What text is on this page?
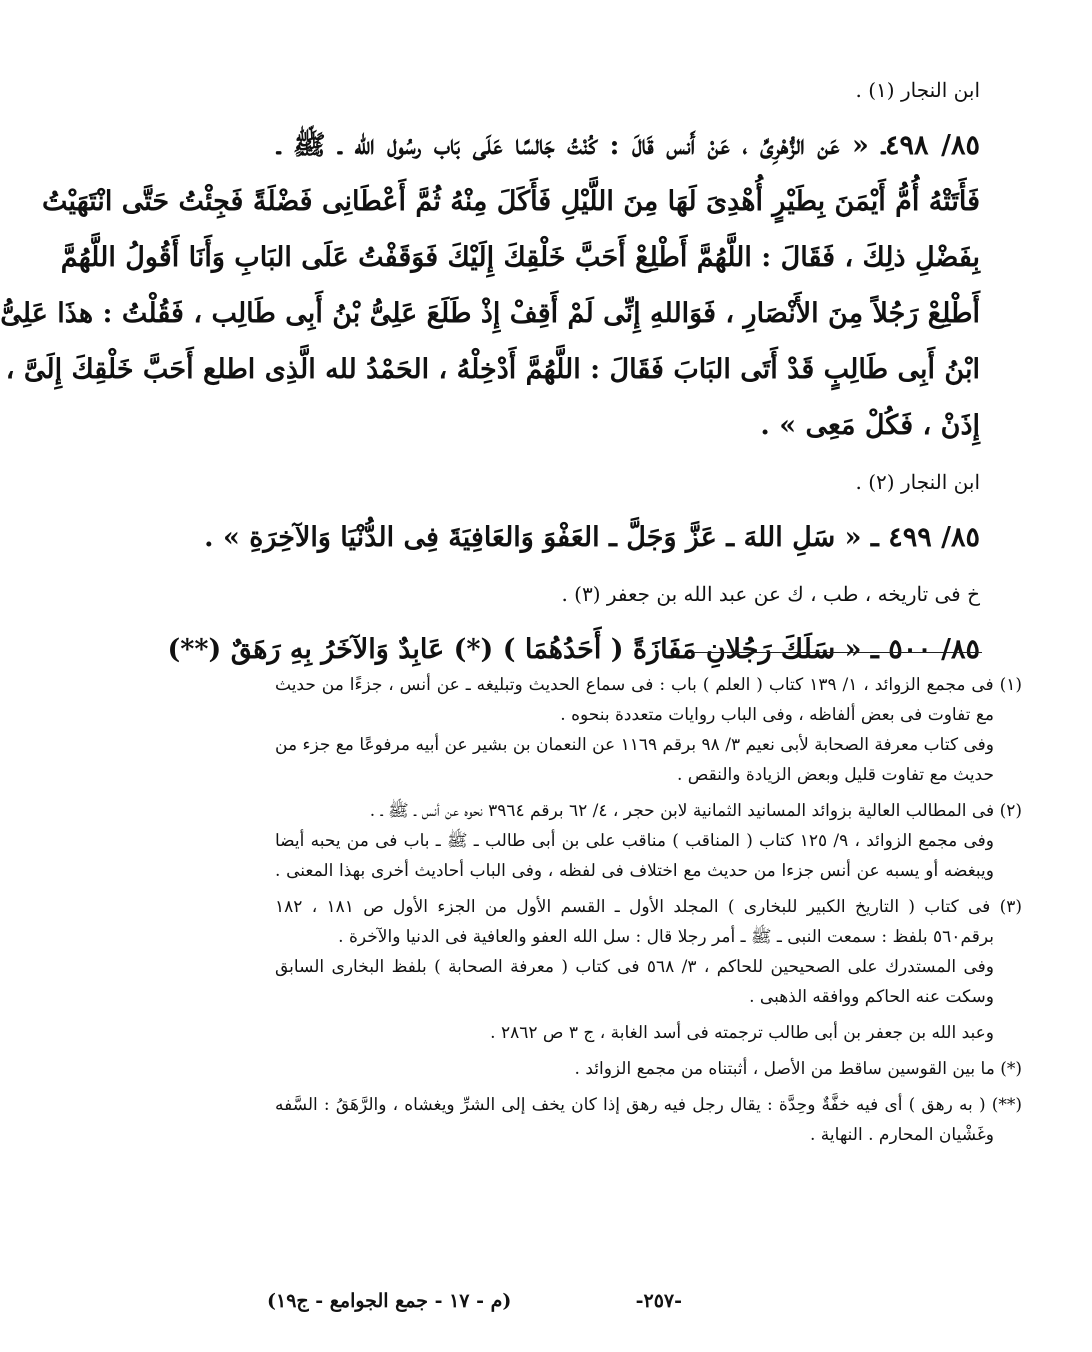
ابن النجار (١) .
٨٥/ ٤٩٨ـ « عَن الزُّهْرِىِّ ، عَنْ أَنس قَالَ : كُنْتُ جَالسًا عَلَى بَاب رسُول الله ـ ﷺ ـ
فَأَتَتْهُ أُمُّ أَيْمَنَ بِطَيْرٍ أُهْدِىَ لَهَا مِنَ اللَّيْلِ فَأَكَلَ مِنْهُ ثُمَّ أَعْطَانِى فَضْلَةً فَجِئْتُ حَتَّى انْتَهَيْتُ
بِفَضْلِ ذلِكَ ، فَقَالَ : اللَّهُمَّ أَطْلِعْ أَحَبَّ خَلْقِكَ إِلَيْكَ فَوَقَفْتُ عَلَى البَابِ وَأَنَا أَقُولُ اللَّهُمَّ
أَطْلِعْ رَجُلاً مِنَ الأَنْصَارِ ، فَوَاللهِ إِنِّى لَمْ أَقِفْ إِذْ طَلَعَ عَلِىُّ بْنُ أَبِى طَالِب ، فَقُلْتُ : هذَا عَلِىُّ
ابْنُ أَبِى طَالِبٍ قَدْ أَتَى البَابَ فَقَالَ : اللَّهُمَّ أَدْخِلْهُ ، الحَمْدُ لله الَّذِى اطلع أَحَبَّ خَلْقِكَ إِلَىَّ ،
إِذَنْ ، فَكُلْ مَعِى » .
ابن النجار (٢) .
٨٥/ ٤٩٩ ـ « سَلِ اللهَ ـ عَزَّ وَجَلَّ ـ العَفْوَ وَالعَافِيَةَ فِى الدُّنْيَا وَالآخِرَةِ » .
خ فى تاريخه ، طب ، ك عن عبد الله بن جعفر (٣) .
٨٥/ ٥٠٠ ـ « سَلَكَ رَجُلانِ مَفَازَةً ( أَحَدُهُمَا ) (*) عَابِدٌ وَالآخَرُ بِهِ رَهَقٌ (**)
(١) فى مجمع الزوائد ، ١/ ١٣٩ كتاب ( العلم ) باب : فى سماع الحديث وتبليغه ـ عن أنس ، جزءًا من حديث
مع تفاوت فى بعض ألفاظه ، وفى الباب روايات متعددة بنحوه .
وفى كتاب معرفة الصحابة لأبى نعيم ٣/ ٩٨ برقم ١١٦٩ عن النعمان بن بشير عن أبيه مرفوعًا مع جزء من
حديث مع تفاوت قليل وبعض الزيادة والنقص .
(٢) فى المطالب العالية بزوائد المسانيد الثمانية لابن حجر ، ٤/ ٦٢ برقم ٣٩٦٤ نحوه عن أنس ـ ﷺ ـ .
وفى مجمع الزوائد ، ٩/ ١٢٥ كتاب ( المناقب ) مناقب على بن أبى طالب ـ ﷺ ـ باب فى من يحبه أيضا
ويبغضه أو يسبه عن أنس جزءا من حديث مع اختلاف فى لفظه ، وفى الباب أحاديث أخرى بهذا المعنى .
(٣) فى كتاب ( التاريخ الكبير للبخارى ) المجلد الأول ـ القسم الأول من الجزء الأول ص ١٨١ ، ١٨٢
برقم٥٦٠ بلفظ : سمعت النبى ـ ﷺ ـ أمر رجلا قال : سل الله العفو والعافية فى الدنيا والآخرة .
وفى المستدرك على الصحيحين للحاكم ، ٣/ ٥٦٨ فى كتاب ( معرفة الصحابة ) بلفظ البخارى السابق
وسكت عنه الحاكم ووافقه الذهبى .
وعبد الله بن جعفر بن أبى طالب ترجمته فى أسد الغابة ، ج ٣ ص ٢٨٦٢ .
(*) ما بين القوسين ساقط من الأصل ، أثبتناه من مجمع الزوائد .
(**) ( به رهق ) أى فيه خفَّةٌ وحِدَّة : يقال رجل فيه رهق إذا كان يخف إلى الشرِّ ويغشاه ، والرَّهَقُ : السَّفه
وغَشْيان المحارم . النهاية .
-٢٥٧-
(م - ١٧ - جمع الجوامع - ج١٩)
